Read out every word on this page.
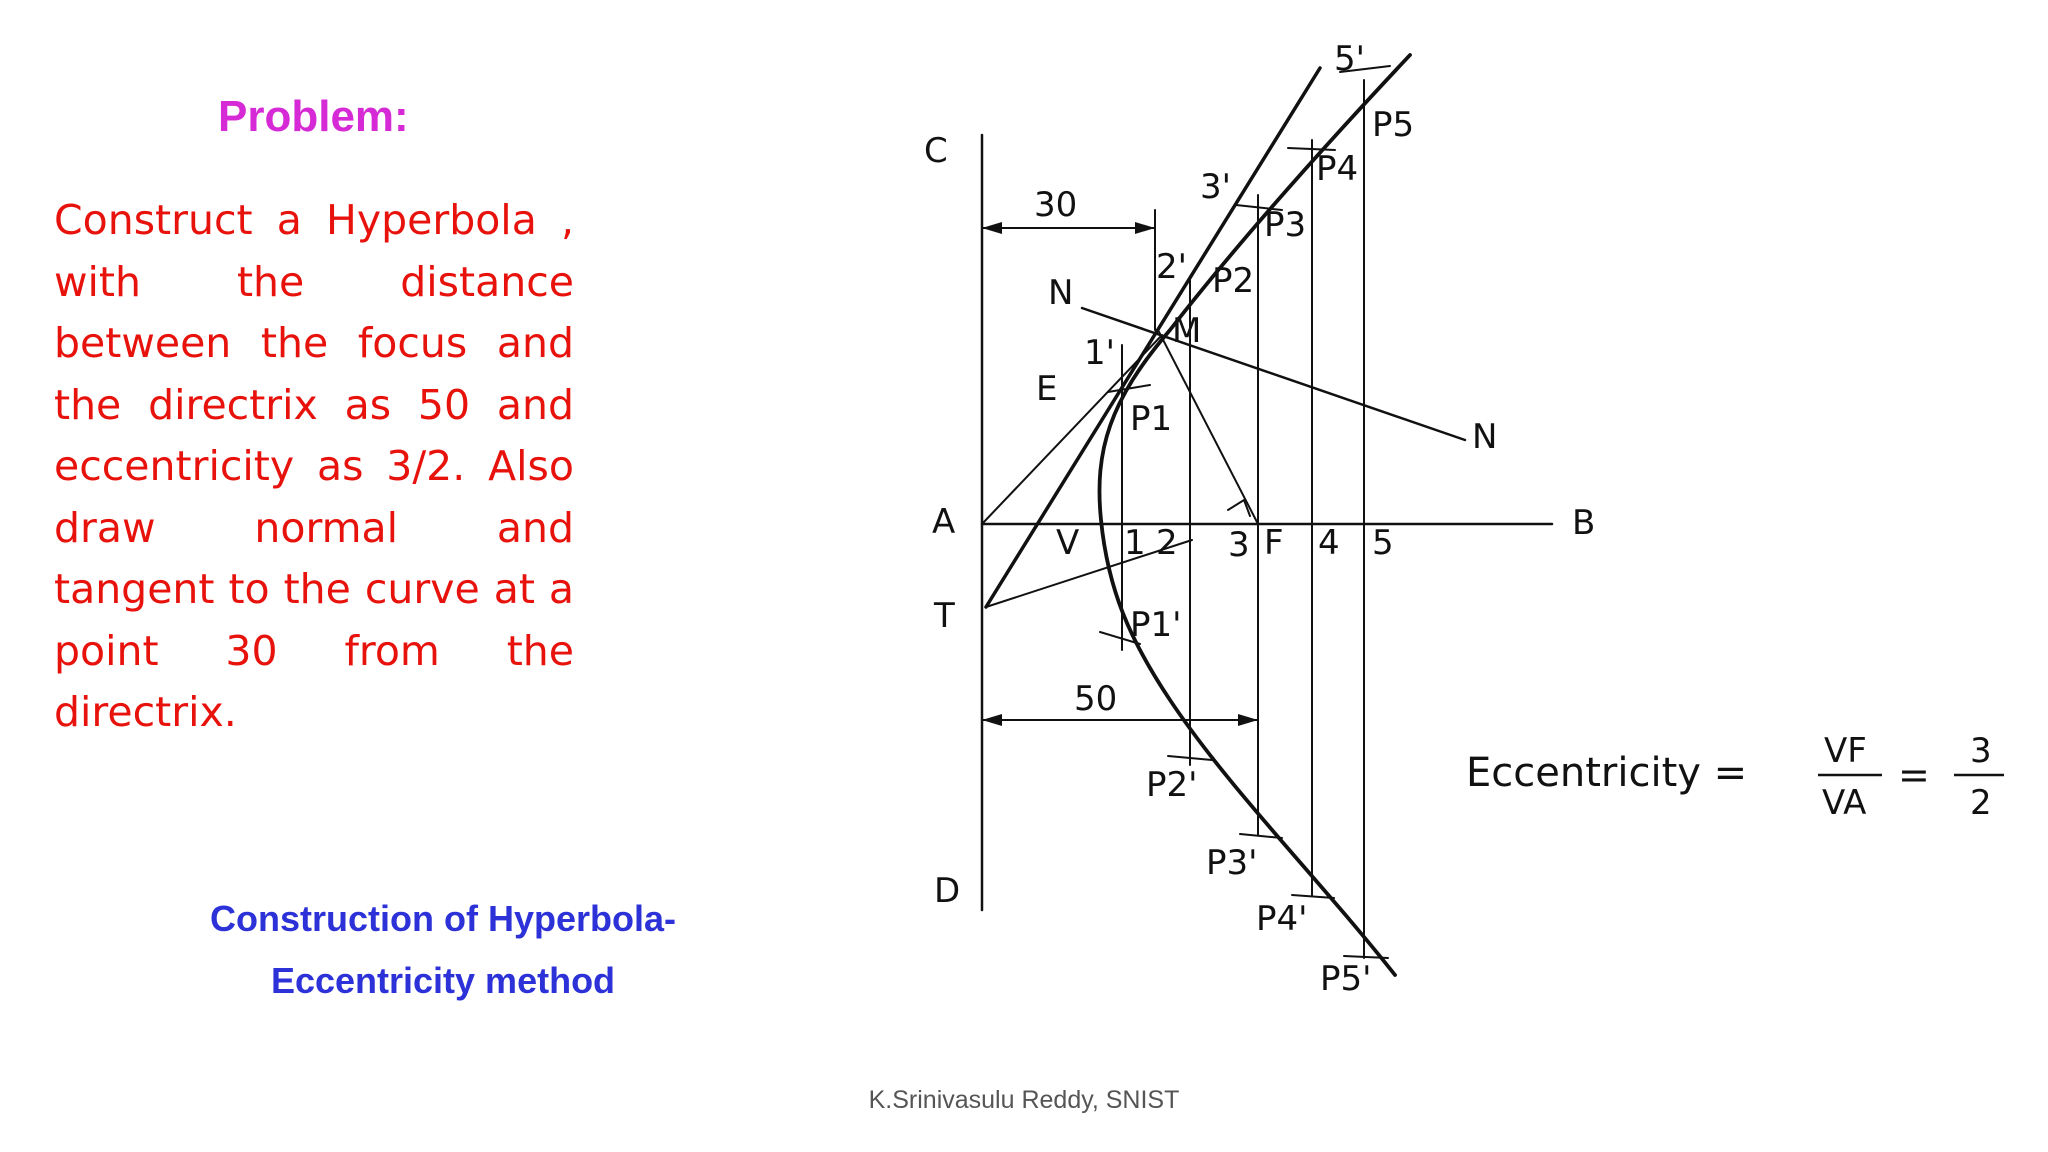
Problem:
Construct a Hyperbola ,
with the distance
between the focus and
the directrix as 50 and
eccentricity as 3/2. Also
draw normal and
tangent to the curve at a
point 30 from the
directrix.
Construction of Hyperbola-
Eccentricity method
C
A
T
D
B
E
N
N
M
V 1 2 3 F 4 5
1'
2'
3'
5'
P1
P2
P3
P4
P5
P1'
P2'
P3'
P4'
P5'
30
50
Eccentricity = VF
VA
=
3
2
K.Srinivasulu Reddy, SNIST
